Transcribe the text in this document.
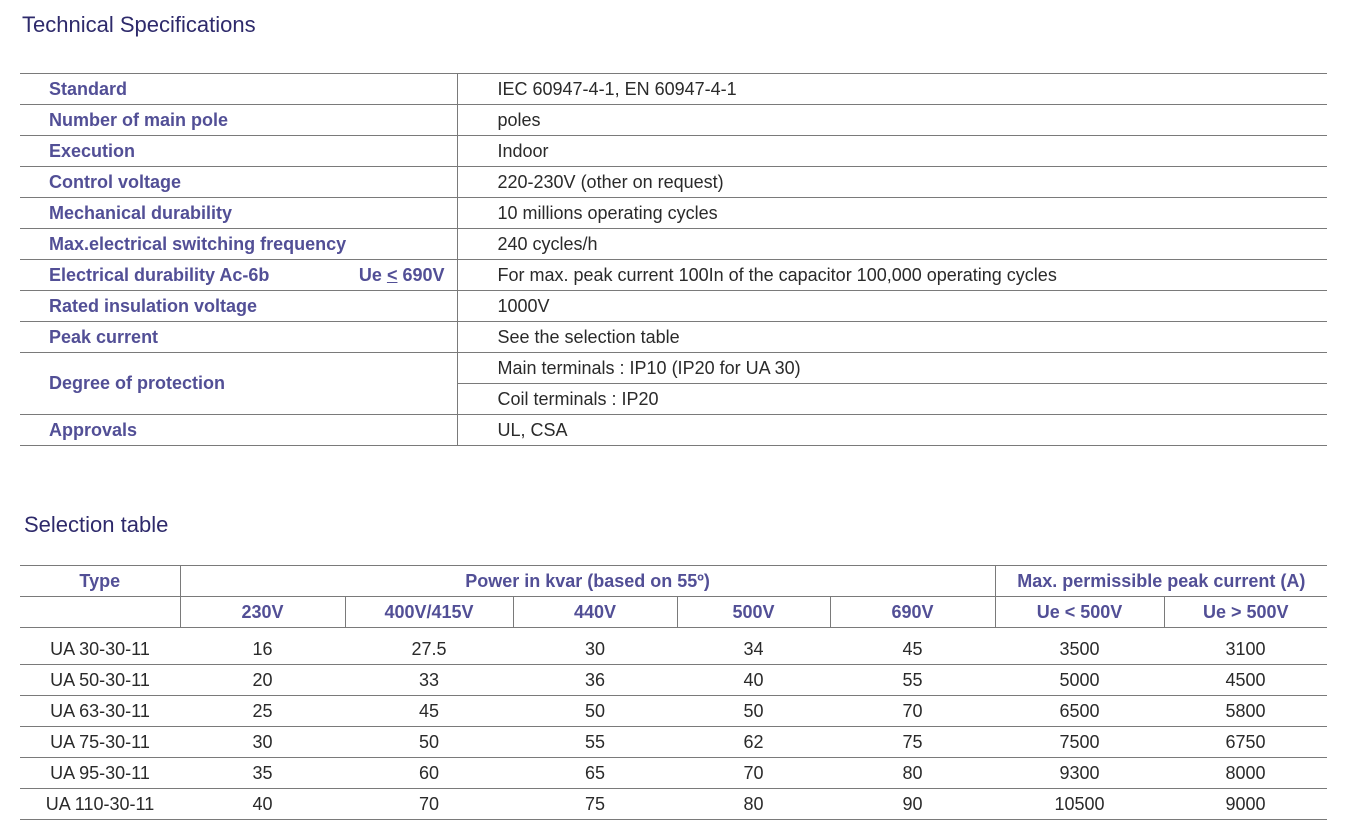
Technical Specifications
Standard	IEC 60947-4-1, EN 60947-4-1
Number of main pole	poles
Execution	Indoor
Control voltage	220-230V (other on request)
Mechanical durability	10 millions operating cycles
Max.electrical switching frequency	240 cycles/h

Electrical durability Ac-6b Ue ≤ 690V	For max. peak current 100In of the capacitor 100,000 operating cycles
Rated insulation voltage	1000V
Peak current	See the selection table
Degree of protection	Main terminals : IP10 (IP20 for UA 30)
	Coil terminals : IP20
Approvals	UL, CSA
Selection table
Type	Power in kvar (based on 55º)					Max. permissible peak current (A)	
	230V	400V/415V	440V	500V	690V	Ue < 500V	Ue > 500V
UA 30-30-11	16	27.5	30	34	45	3500	3100
UA 50-30-11	20	33	36	40	55	5000	4500
UA 63-30-11	25	45	50	50	70	6500	5800
UA 75-30-11	30	50	55	62	75	7500	6750
UA 95-30-11	35	60	65	70	80	9300	8000
UA 110-30-11	40	70	75	80	90	10500	9000
